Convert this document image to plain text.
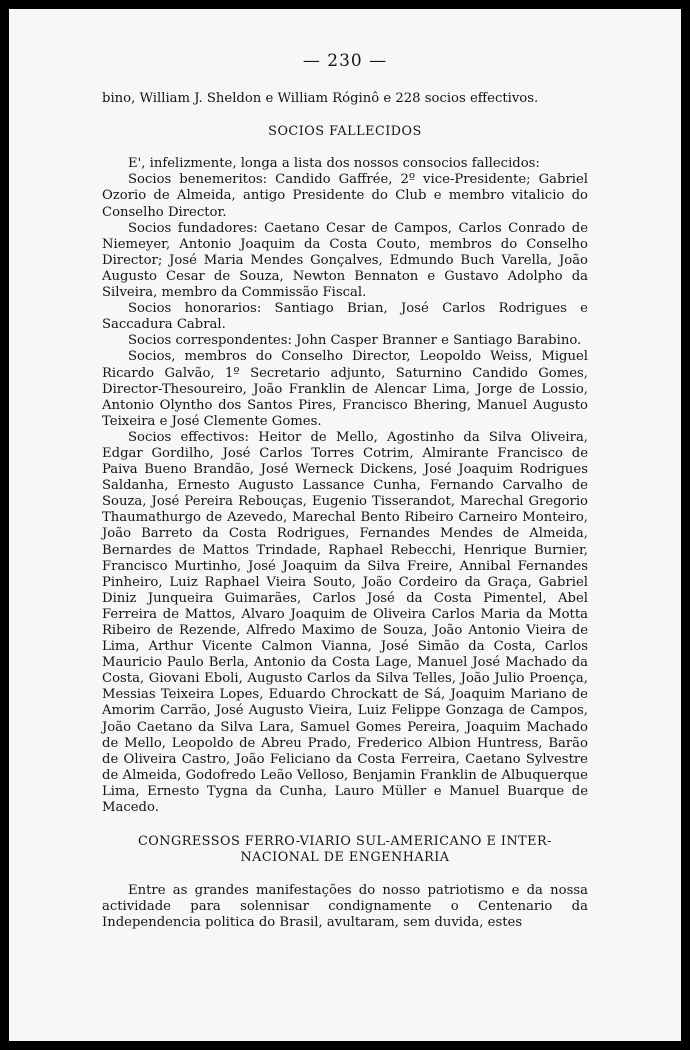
— 230 —

bino, William J. Sheldon e William Róginô e 228 socios effectivos.

SOCIOS FALLECIDOS

E', infelizmente, longa a lista dos nossos consocios fallecidos:

Socios benemeritos: Candido Gaffrée, 2º vice-Presidente; Gabriel Ozorio de Almeida, antigo Presidente do Club e membro vitalicio do Conselho Director.

Socios fundadores: Caetano Cesar de Campos, Carlos Conrado de Niemeyer, Antonio Joaquim da Costa Couto, membros do Conselho Director; José Maria Mendes Gonçalves, Edmundo Buch Varella, João Augusto Cesar de Souza, Newton Bennaton e Gustavo Adolpho da Silveira, membro da Commissão Fiscal.

Socios honorarios: Santiago Brian, José Carlos Rodrigues e Saccadura Cabral.

Socios correspondentes: John Casper Branner e Santiago Barabino.

Socios, membros do Conselho Director, Leopoldo Weiss, Miguel Ricardo Galvão, 1º Secretario adjunto, Saturnino Candido Gomes, Director-Thesoureiro, João Franklin de Alencar Lima, Jorge de Lossio, Antonio Olyntho dos Santos Pires, Francisco Bhering, Manuel Augusto Teixeira e José Clemente Gomes.

Socios effectivos: Heitor de Mello, Agostinho da Silva Oliveira, Edgar Gordilho, José Carlos Torres Cotrim, Almirante Francisco de Paiva Bueno Brandão, José Werneck Dickens, José Joaquim Rodrigues Saldanha, Ernesto Augusto Lassance Cunha, Fernando Carvalho de Souza, José Pereira Rebouças, Eugenio Tisserandot, Marechal Gregorio Thaumathurgo de Azevedo, Marechal Bento Ribeiro Carneiro Monteiro, João Barreto da Costa Rodrigues, Fernandes Mendes de Almeida, Bernardes de Mattos Trindade, Raphael Rebecchi, Henrique Burnier, Francisco Murtinho, José Joaquim da Silva Freire, Annibal Fernandes Pinheiro, Luiz Raphael Vieira Souto, João Cordeiro da Graça, Gabriel Diniz Junqueira Guimarães, Carlos José da Costa Pimentel, Abel Ferreira de Mattos, Alvaro Joaquim de Oliveira Carlos Maria da Motta Ribeiro de Rezende, Alfredo Maximo de Souza, João Antonio Vieira de Lima, Arthur Vicente Calmon Vianna, José Simão da Costa, Carlos Mauricio Paulo Berla, Antonio da Costa Lage, Manuel José Machado da Costa, Giovani Eboli, Augusto Carlos da Silva Telles, João Julio Proença, Messias Teixeira Lopes, Eduardo Chrockatt de Sá, Joaquim Mariano de Amorim Carrão, José Augusto Vieira, Luiz Felippe Gonzaga de Campos, João Caetano da Silva Lara, Samuel Gomes Pereira, Joaquim Machado de Mello, Leopoldo de Abreu Prado, Frederico Albion Huntress, Barão de Oliveira Castro, João Feliciano da Costa Ferreira, Caetano Sylvestre de Almeida, Godofredo Leão Velloso, Benjamin Franklin de Albuquerque Lima, Ernesto Tygna da Cunha, Lauro Müller e Manuel Buarque de Macedo.

CONGRESSOS FERRO-VIARIO SUL-AMERICANO E INTER-
NACIONAL DE ENGENHARIA

Entre as grandes manifestações do nosso patriotismo e da nossa actividade para solennisar condignamente o Centenario da Independencia politica do Brasil, avultaram, sem duvida, estes
